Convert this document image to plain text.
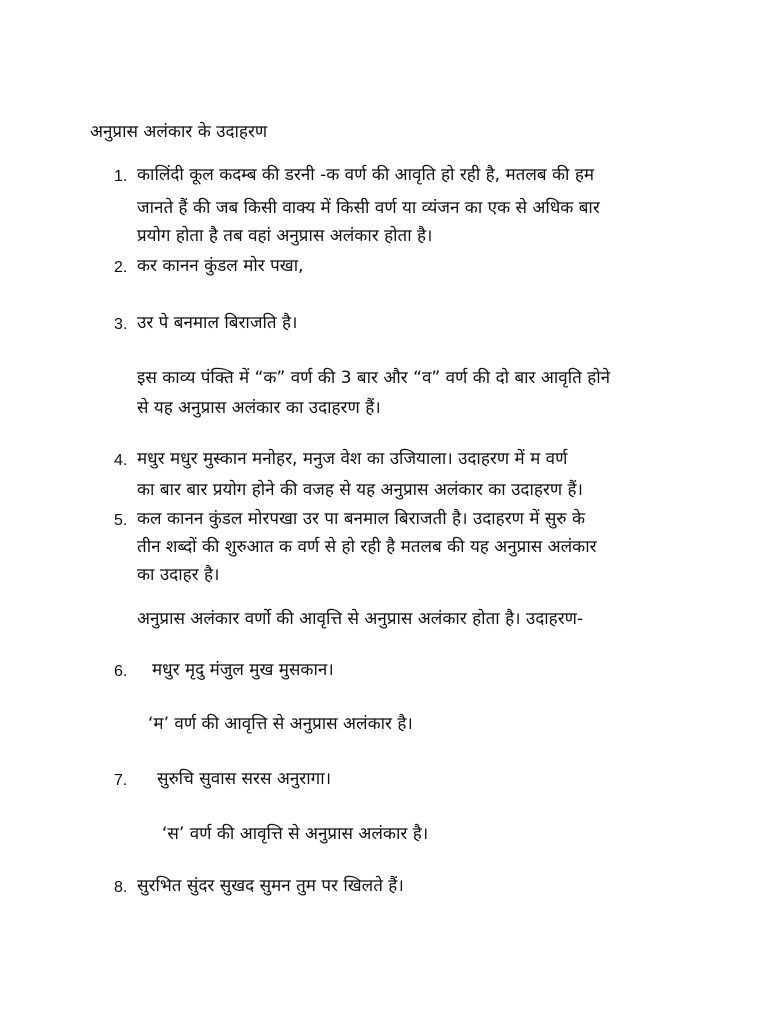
अनुप्रास अलंकार के उदाहरण
1. कालिंदी कूल कदम्ब की डरनी -क वर्ण की आवृति हो रही है, मतलब की हम
जानते हैं की जब किसी वाक्य में किसी वर्ण या व्यंजन का एक से अधिक बार
प्रयोग होता है तब वहां अनुप्रास अलंकार होता है।
2. कर कानन कुंडल मोर पखा,
3. उर पे बनमाल बिराजति है।
इस काव्य पंक्ति में “क” वर्ण की 3 बार और “व” वर्ण की दो बार आवृति होने
से यह अनुप्रास अलंकार का उदाहरण हैं।
4. मधुर मधुर मुस्कान मनोहर, मनुज वेश का उजियाला। उदाहरण में म वर्ण
का बार बार प्रयोग होने की वजह से यह अनुप्रास अलंकार का उदाहरण हैं।
5. कल कानन कुंडल मोरपखा उर पा बनमाल बिराजती है। उदाहरण में सुरु के
तीन शब्दों की शुरुआत क वर्ण से हो रही है मतलब की यह अनुप्रास अलंकार
का उदाहर है।
अनुप्रास अलंकार वर्णो की आवृत्ति से अनुप्रास अलंकार होता है। उदाहरण-
6. मधुर मृदु मंजुल मुख मुसकान।
‘म’ वर्ण की आवृत्ति से अनुप्रास अलंकार है।
7. सुरुचि सुवास सरस अनुरागा।
‘स’ वर्ण की आवृत्ति से अनुप्रास अलंकार है।
8. सुरभित सुंदर सुखद सुमन तुम पर खिलते हैं।
